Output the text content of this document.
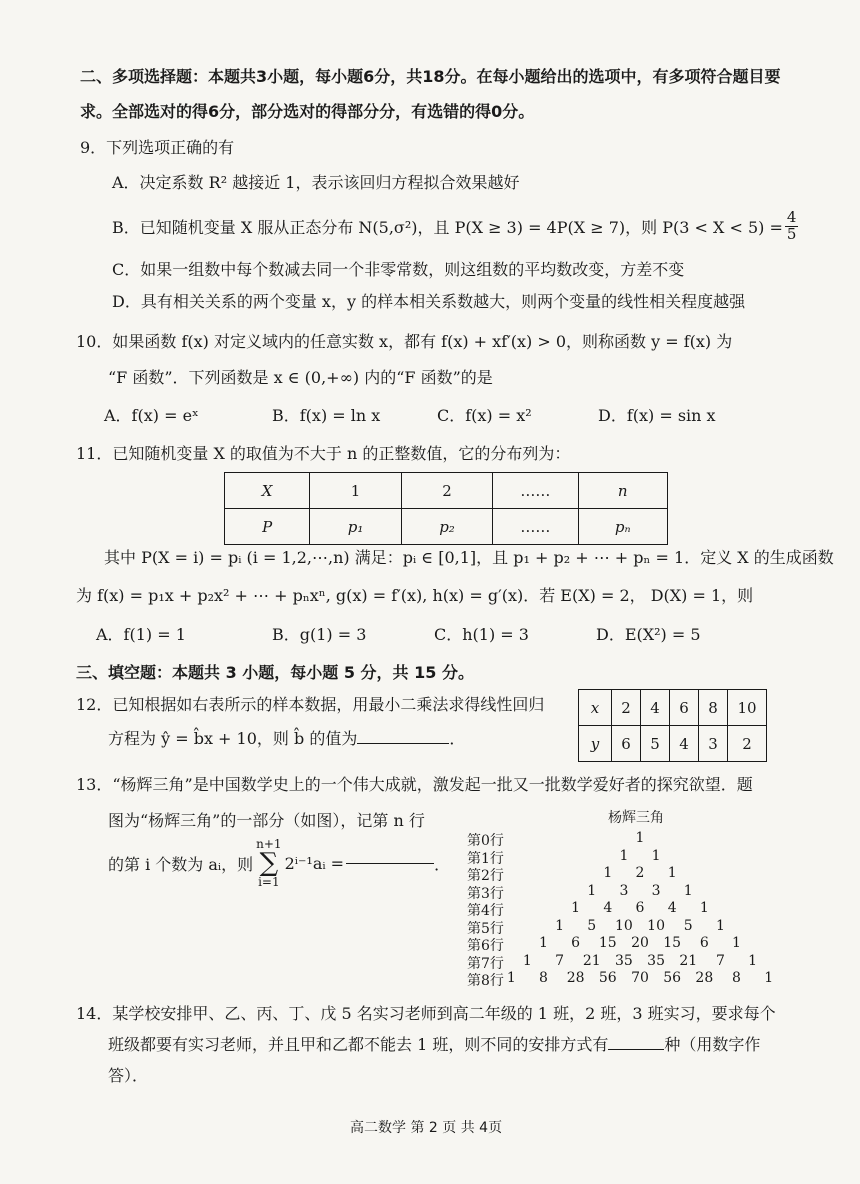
二、多项选择题：本题共3小题，每小题6分，共18分。在每小题给出的选项中，有多项符合题目要
求。全部选对的得6分，部分选对的得部分分，有选错的得0分。
9．下列选项正确的有
A．决定系数 R² 越接近 1，表示该回归方程拟合效果越好
B．已知随机变量 X 服从正态分布 N(5,σ²)，且 P(X ≥ 3) = 4P(X ≥ 7)，则 $P(3 < X < 5) = \frac{4}{5}$
C．如果一组数中每个数减去同一个非零常数，则这组数的平均数改变，方差不变
D．具有相关关系的两个变量 x，y 的样本相关系数越大，则两个变量的线性相关程度越强
10．如果函数 f(x) 对定义域内的任意实数 x，都有 f(x) + xf′(x) > 0，则称函数 y = f(x) 为
“F 函数”．下列函数是 x ∈ (0,+∞) 内的“F 函数”的是
A．f(x) = eˣ	B．f(x) = ln x	C．f(x) = x²	D．f(x) = sin x
11．已知随机变量 X 的取值为不大于 n 的正整数值，它的分布列为：
X	1	2	……	n
P	p₁	p₂	……	pₙ
其中 P(X = i) = pᵢ (i = 1,2,⋯,n) 满足：pᵢ ∈ [0,1]，且 p₁ + p₂ + ⋯ + pₙ = 1．定义 X 的生成函数
为 f(x) = p₁x + p₂x² + ⋯ + pₙxⁿ, g(x) = f′(x), h(x) = g′(x)．若 E(X) = 2， D(X) = 1，则
A．f(1) = 1	B．g(1) = 3	C．h(1) = 3	D．E(X²) = 5
三、填空题：本题共 3 小题，每小题 5 分，共 15 分。
12．已知根据如右表所示的样本数据，用最小二乘法求得线性回归
方程为 ŷ = b̂x + 10，则 b̂ 的值为	．
x	2	4	6	8	10
y	6	5	4	3	2
13．“杨辉三角”是中国数学史上的一个伟大成就，激发起一批又一批数学爱好者的探究欲望．题
图为“杨辉三角”的一部分（如图），记第 n 行
的第 i 个数为 aᵢ，则
n+1
∑
i=1
2ⁱ⁻¹aᵢ =	．
杨辉三角
第0行	1
第1行	1	1
第2行	1	2	1
第3行	1	3	3	1
第4行	1	4	6	4	1
第5行	1	5	10 10	5	1
第6行	1	6	15 20 15	6	1
第7行	1	7	21 35 35 21	7	1
第8行 1	8	28 56 70 56 28	8	1
14．某学校安排甲、乙、丙、丁、戊 5 名实习老师到高二年级的 1 班，2 班，3 班实习，要求每个
班级都要有实习老师，并且甲和乙都不能去 1 班，则不同的安排方式有	种（用数字作
答）．
高二数学 第 2 页 共 4页
